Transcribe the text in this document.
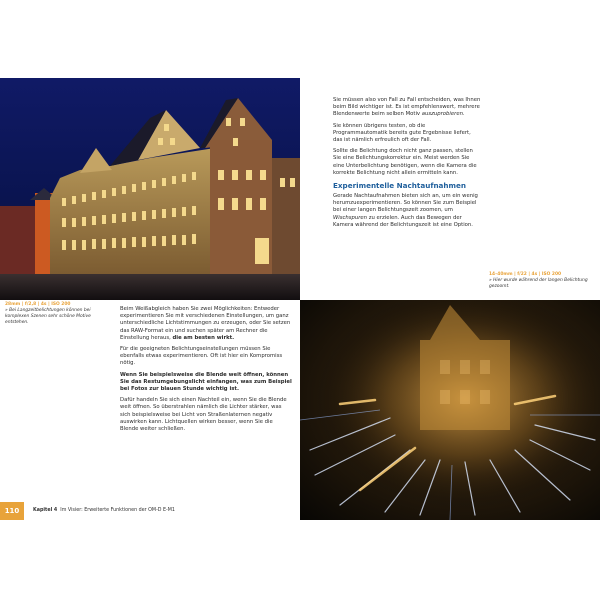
28mm | f/2,8 | 4s | ISO 200
» Bei Langzeitbelichtungen können bei komplexen Szenen sehr schöne Motive entstehen.

Beim Weißabgleich haben Sie zwei Möglichkeiten: Entweder experimentieren Sie mit verschiedenen Einstellungen, um ganz unterschiedliche Lichtstimmungen zu erzeugen, oder Sie setzen das RAW-Format ein und suchen später am Rechner die Einstellung heraus, die am besten wirkt.

Für die geeigneten Belichtungseinstellungen müssen Sie ebenfalls etwas experimentieren. Oft ist hier ein Kompromiss nötig.

Wenn Sie beispielsweise die Blende weit öffnen, können Sie das Restumgebungslicht einfangen, was zum Beispiel bei Fotos zur blauen Stunde wichtig ist.

Dafür handeln Sie sich einen Nachteil ein, wenn Sie die Blende weit öffnen. So überstrahlen nämlich die Lichter stärker, was sich beispielsweise bei Licht von Straßenlaternen negativ auswirken kann. Lichtquellen wirken besser, wenn Sie die Blende weiter schließen.

Sie müssen also von Fall zu Fall entscheiden, was Ihnen beim Bild wichtiger ist. Es ist empfehlenswert, mehrere Blendenwerte beim selben Motiv auszuprobieren.

Sie können übrigens testen, ob die Programmautomatik bereits gute Ergebnisse liefert, das ist nämlich erfreulich oft der Fall.

Sollte die Belichtung doch nicht ganz passen, stellen Sie eine Belichtungskorrektur ein. Meist werden Sie eine Unterbelichtung benötigen, wenn die Kamera die korrekte Belichtung nicht allein ermitteln kann.

Experimentelle Nachtaufnahmen

Gerade Nachtaufnahmen bieten sich an, um ein wenig herumzuexperimentieren. So können Sie zum Beispiel bei einer langen Belichtungszeit zoomen, um Wischspuren zu erzielen. Auch das Bewegen der Kamera während der Belichtungszeit ist eine Option.

14–40mm | f/22 | 4s | ISO 200
» Hier wurde während der langen Belichtung gezoomt.
110	Kapitel 4 Im Visier: Erweiterte Funktionen der OM-D E-M1
